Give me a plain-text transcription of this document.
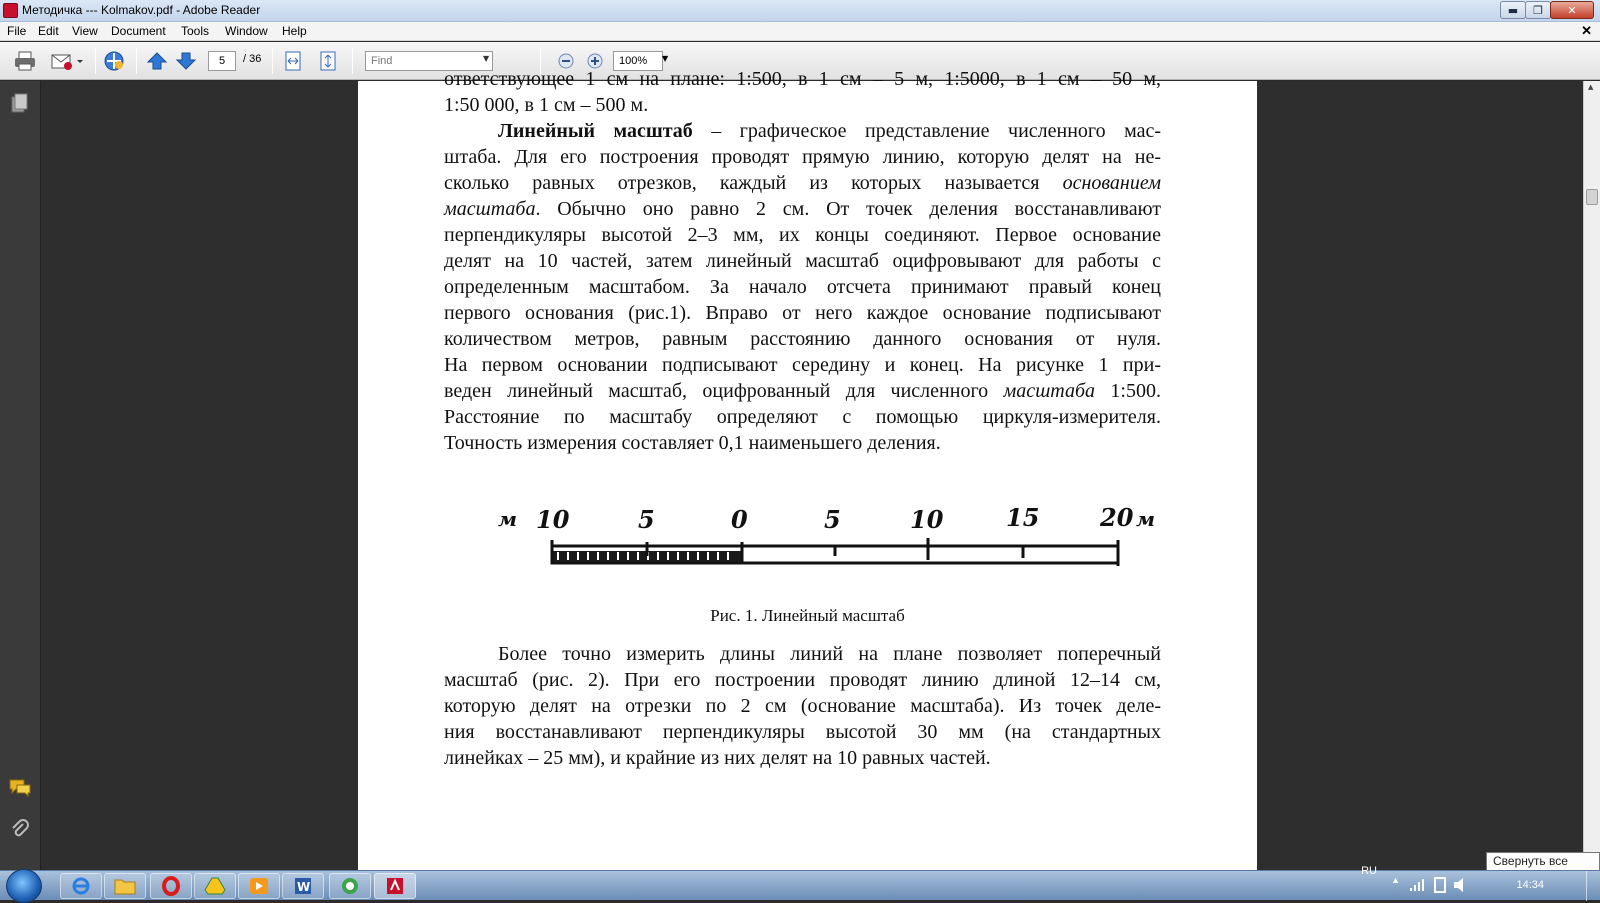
Методичка --- Kolmakov.pdf - Adobe Reader	▬	❐	✕
File Edit View Document Tools Window Help	✕
5	/ 36	Find	▼	100%	▼
ответствующее 1 см на плане: 1:500, в 1 см – 5 м, 1:5000, в 1 см – 50 м,
1:50 000, в 1 см – 500 м.
Линейный масштаб – графическое представление численного мас-
штаба. Для его построения проводят прямую линию, которую делят на не-
сколько равных отрезков, каждый из которых называется основанием
масштаба. Обычно оно равно 2 см. От точек деления восстанавливают
перпендикуляры высотой 2–3 мм, их концы соединяют. Первое основание
делят на 10 частей, затем линейный масштаб оцифровывают для работы с
определенным масштабом. За начало отсчета принимают правый конец
первого основания (рис.1). Вправо от него каждое основание подписывают
количеством метров, равным расстоянию данного основания от нуля.
На первом основании подписывают середину и конец. На рисунке 1 при-
веден линейный масштаб, оцифрованный для численного масштаба 1:500.
Расстояние по масштабу определяют с помощью циркуля-измерителя.
Точность измерения составляет 0,1 наименьшего деления.
м 10	5	0	5	10	15	20 м
Рис. 1. Линейный масштаб
Более точно измерить длины линий на плане позволяет поперечный
масштаб (рис. 2). При его построении проводят линию длиной 12–14 см,
которую делят на отрезки по 2 см (основание масштаба). Из точек деле-
ния восстанавливают перпендикуляры высотой 30 мм (на стандартных
линейках – 25 мм), и крайние из них делят на 10 равных частей.
▲
Свернуть все
W
RU
▲	14:34
